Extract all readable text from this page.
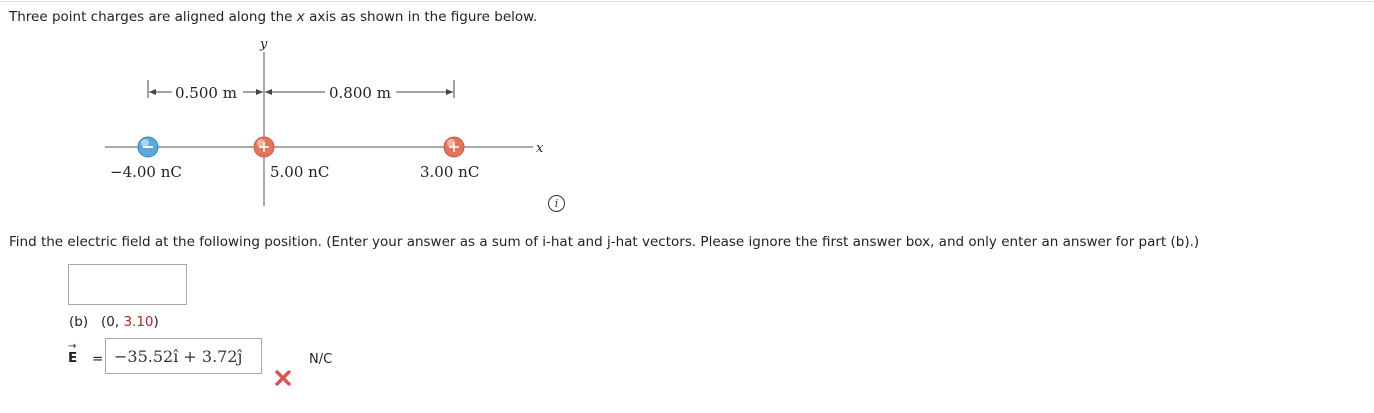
Three point charges are aligned along the x axis as shown in the figure below.
x
y
0.500 m	0.800 m
−4.00 nC	5.00 nC	3.00 nC
i
Find the electric field at the following position. (Enter your answer as a sum of i-hat and j-hat vectors. Please ignore the first answer box, and only enter an answer for part (b).)
(b) (0, 3.10)
→
E = −35.52î + 3.72ĵ	N/C
